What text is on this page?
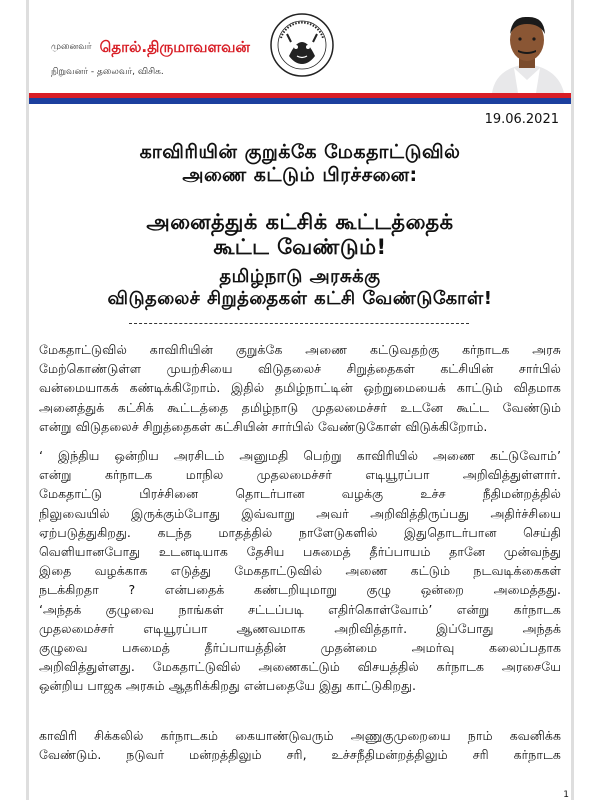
முனைவர் தொல்.திருமாவளவன்
நிறுவனர் - தலைவர், விசிக.
19.06.2021
காவிரியின் குறுக்கே மேகதாட்டுவில்
அணை கட்டும் பிரச்சனை:
அனைத்துக் கட்சிக் கூட்டத்தைக்
கூட்ட வேண்டும்!
தமிழ்நாடு அரசுக்கு
விடுதலைச் சிறுத்தைகள் கட்சி வேண்டுகோள்!
மேகதாட்டுவில் காவிரியின் குறுக்கே அணை கட்டுவதற்கு கர்நாடக அரசு
மேற்கொண்டுள்ள முயற்சியை விடுதலைச் சிறுத்தைகள் கட்சியின் சார்பில்
வன்மையாகக் கண்டிக்கிறோம். இதில் தமிழ்நாட்டின் ஒற்றுமையைக் காட்டும் விதமாக
அனைத்துக் கட்சிக் கூட்டத்தை தமிழ்நாடு முதலமைச்சர் உடனே கூட்ட வேண்டும்
என்று விடுதலைச் சிறுத்தைகள் கட்சியின் சார்பில் வேண்டுகோள் விடுக்கிறோம்.
‘ இந்திய ஒன்றிய அரசிடம் அனுமதி பெற்று காவிரியில் அணை கட்டுவோம்’
என்று கர்நாடக மாநில முதலமைச்சர் எடியூரப்பா அறிவித்துள்ளார்.
மேகதாட்டு பிரச்சினை தொடர்பான வழக்கு உச்ச நீதிமன்றத்தில்
நிலுவையில் இருக்கும்போது இவ்வாறு அவர் அறிவித்திருப்பது அதிர்ச்சியை
ஏற்படுத்துகிறது. கடந்த மாதத்தில் நாளேடுகளில் இதுதொடர்பான செய்தி
வெளியானபோது உடனடியாக தேசிய பசுமைத் தீர்ப்பாயம் தானே முன்வந்து
இதை வழக்காக எடுத்து மேகதாட்டுவில் அணை கட்டும் நடவடிக்கைகள்
நடக்கிறதா ? என்பதைக் கண்டறியுமாறு குழு ஒன்றை அமைத்தது.
‘அந்தக் குழுவை நாங்கள் சட்டப்படி எதிர்கொள்வோம்’ என்று கர்நாடக
முதலமைச்சர் எடியூரப்பா ஆணவமாக அறிவித்தார். இப்போது அந்தக்
குழுவை பசுமைத் தீர்ப்பாயத்தின் முதன்மை அமர்வு கலைப்பதாக
அறிவித்துள்ளது. மேகதாட்டுவில் அணைகட்டும் விசயத்தில் கர்நாடக அரசையே
ஒன்றிய பாஜக அரசும் ஆதரிக்கிறது என்பதையே இது காட்டுகிறது.
காவிரி சிக்கலில் கர்நாடகம் கையாண்டுவரும் அணுகுமுறையை நாம் கவனிக்க
வேண்டும். நடுவர் மன்றத்திலும் சரி, உச்சநீதிமன்றத்திலும் சரி கர்நாடக
1
